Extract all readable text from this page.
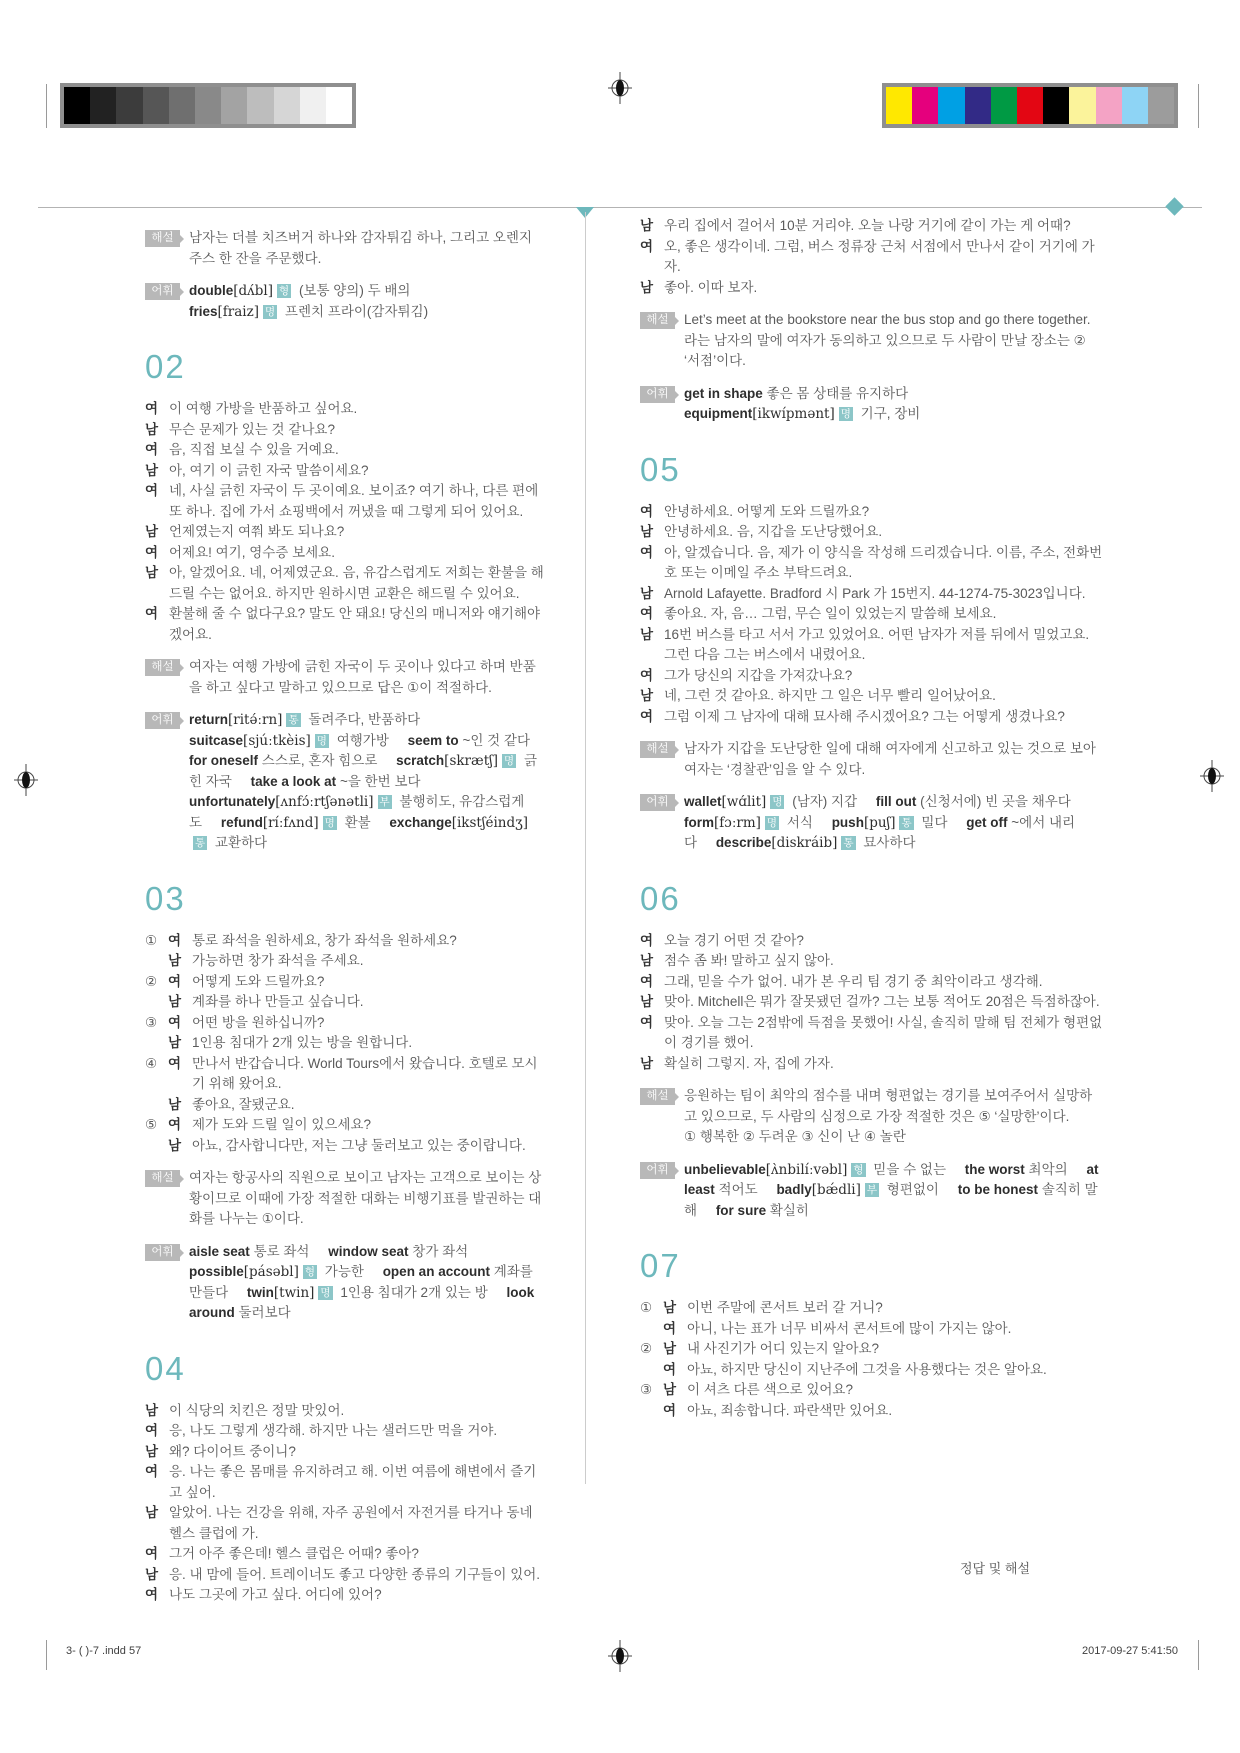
해설	남자는 더블 치즈버거 하나와 감자튀김 하나, 그리고 오렌지 주스 한 잔을 주문했다.
어휘	double[dʌ́bl] 형 (보통 양의) 두 배의
fries[fraiz] 명 프렌치 프라이(감자튀김)
02
여 이 여행 가방을 반품하고 싶어요.
남 무슨 문제가 있는 것 같나요?
여 음, 직접 보실 수 있을 거예요.
남 아, 여기 이 긁힌 자국 말씀이세요?
여 네, 사실 긁힌 자국이 두 곳이예요. 보이죠? 여기 하나, 다른 편에 또 하나. 집에 가서 쇼핑백에서 꺼냈을 때 그렇게 되어 있어요.
남 언제였는지 여쭤 봐도 되나요?
여 어제요! 여기, 영수증 보세요.
남 아, 알겠어요. 네, 어제였군요. 음, 유감스럽게도 저희는 환불을 해드릴 수는 없어요. 하지만 원하시면 교환은 해드릴 수 있어요.
여 환불해 줄 수 없다구요? 말도 안 돼요! 당신의 매니저와 얘기해야겠어요.
해설	여자는 여행 가방에 긁힌 자국이 두 곳이나 있다고 하며 반품을 하고 싶다고 말하고 있으므로 답은 ①이 적절하다.
어휘	return[ritə́ːrn] 통 돌려주다, 반품하다 suitcase[sjúːtkèis] 명 여행가방 seem to ~인 것 같다 for oneself 스스로, 혼자 힘으로 scratch[skrætʃ] 명 긁힌 자국 take a look at ~을 한번 보다 unfortunately[ʌnfɔ́ːrtʃənətli] 부 불행히도, 유감스럽게도 refund[ríːfʌnd] 명 환불 exchange[ikstʃéindʒ]통 교환하다
03
① 여 통로 좌석을 원하세요, 창가 좌석을 원하세요?
남 가능하면 창가 좌석을 주세요.
② 여 어떻게 도와 드릴까요?
남 계좌를 하나 만들고 싶습니다.
③ 여 어떤 방을 원하십니까?
남 1인용 침대가 2개 있는 방을 원합니다.
④ 여 만나서 반갑습니다. World Tours에서 왔습니다. 호텔로 모시기 위해 왔어요.
남 좋아요, 잘됐군요.
⑤ 여 제가 도와 드릴 일이 있으세요?
남 아뇨, 감사합니다만, 저는 그냥 둘러보고 있는 중이랍니다.
해설	여자는 항공사의 직원으로 보이고 남자는 고객으로 보이는 상황이므로 이때에 가장 적절한 대화는 비행기표를 발권하는 대화를 나누는 ①이다.
어휘	aisle seat 통로 좌석 window seat 창가 좌석 possible[pásəbl] 형 가능한 open an account 계좌를 만들다 twin[twin] 명 1인용 침대가 2개 있는 방 look around 둘러보다
04
남 이 식당의 치킨은 정말 맛있어.
여 응, 나도 그렇게 생각해. 하지만 나는 샐러드만 먹을 거야.
남 왜? 다이어트 중이니?
여 응. 나는 좋은 몸매를 유지하려고 해. 이번 여름에 해변에서 즐기고 싶어.
남 알았어. 나는 건강을 위해, 자주 공원에서 자전거를 타거나 동네 헬스 클럽에 가.
여 그거 아주 좋은데! 헬스 클럽은 어때? 좋아?
남 응. 내 맘에 들어. 트레이너도 좋고 다양한 종류의 기구들이 있어.
여 나도 그곳에 가고 싶다. 어디에 있어?
남 우리 집에서 걸어서 10분 거리야. 오늘 나랑 거기에 같이 가는 게 어때?
여 오, 좋은 생각이네. 그럼, 버스 정류장 근처 서점에서 만나서 같이 거기에 가자.
남 좋아. 이따 보자.
해설	Let’s meet at the bookstore near the bus stop and go there together.라는 남자의 말에 여자가 동의하고 있으므로 두 사람이 만날 장소는 ② ‘서점’이다.
어휘	get in shape 좋은 몸 상태를 유지하다
equipment[ikwípmənt] 명 기구, 장비
05
여 안녕하세요. 어떻게 도와 드릴까요?
남 안녕하세요. 음, 지갑을 도난당했어요.
여 아, 알겠습니다. 음, 제가 이 양식을 작성해 드리겠습니다. 이름, 주소, 전화번호 또는 이메일 주소 부탁드려요.
남 Arnold Lafayette. Bradford 시 Park 가 15번지. 44-1274-75-3023입니다.
여 좋아요. 자, 음… 그럼, 무슨 일이 있었는지 말씀해 보세요.
남 16번 버스를 타고 서서 가고 있었어요. 어떤 남자가 저를 뒤에서 밀었고요. 그런 다음 그는 버스에서 내렸어요.
여 그가 당신의 지갑을 가져갔나요?
남 네, 그런 것 같아요. 하지만 그 일은 너무 빨리 일어났어요.
여 그럼 이제 그 남자에 대해 묘사해 주시겠어요? 그는 어떻게 생겼나요?
해설	남자가 지갑을 도난당한 일에 대해 여자에게 신고하고 있는 것으로 보아 여자는 ‘경찰관’임을 알 수 있다.
어휘	wallet[wɑ́lit] 명 (남자) 지갑 fill out (신청서에) 빈 곳을 채우다 form[fɔːrm] 명 서식 push[puʃ] 통 밀다 get off ~에서 내리다 describe[diskráib] 통 묘사하다
06
여 오늘 경기 어떤 것 같아?
남 점수 좀 봐! 말하고 싶지 않아.
여 그래, 믿을 수가 없어. 내가 본 우리 팀 경기 중 최악이라고 생각해.
남 맞아. Mitchell은 뭐가 잘못됐던 걸까? 그는 보통 적어도 20점은 득점하잖아.
여 맞아. 오늘 그는 2점밖에 득점을 못했어! 사실, 솔직히 말해 팀 전체가 형편없이 경기를 했어.
남 확실히 그렇지. 자, 집에 가자.
해설	응원하는 팀이 최악의 점수를 내며 형편없는 경기를 보여주어서 실망하고 있으므로, 두 사람의 심정으로 가장 적절한 것은 ⑤ ‘실망한’이다.
① 행복한 ② 두려운 ③ 신이 난 ④ 놀란
어휘	unbelievable[ʌ̀nbilíːvəbl] 형 믿을 수 없는 the worst 최악의 at least 적어도 badly[bǽdli] 부 형편없이 to be honest 솔직히 말해 for sure 확실히
07
① 남 이번 주말에 콘서트 보러 갈 거니?
여 아니, 나는 표가 너무 비싸서 콘서트에 많이 가지는 않아.
② 남 내 사진기가 어디 있는지 알아요?
여 아뇨, 하지만 당신이 지난주에 그것을 사용했다는 것은 알아요.
③ 남 이 셔츠 다른 색으로 있어요?
여 아뇨, 죄송합니다. 파란색만 있어요.
정답 및 해설
3- ( )-7 .indd 57	2017-09-27 5:41:50
